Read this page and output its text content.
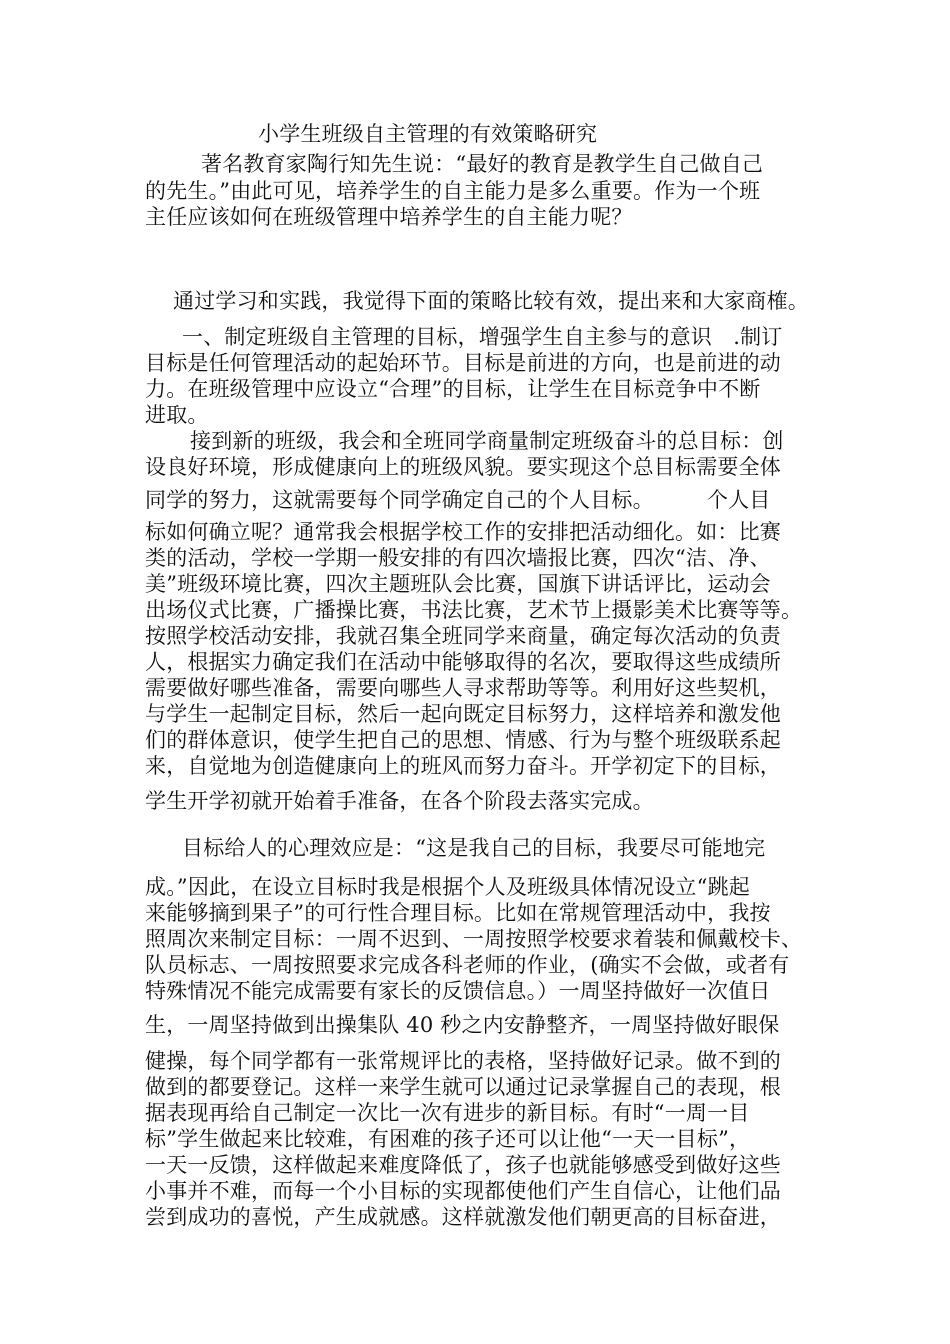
小学生班级自主管理的有效策略研究

著名教育家陶行知先生说：“最好的教育是教学生自己做自己

的先生。”由此可见，培养学生的自主能力是多么重要。作为一个班

主任应该如何在班级管理中培养学生的自主能力呢？

通过学习和实践，我觉得下面的策略比较有效，提出来和大家商榷。

一、制定班级自主管理的目标，增强学生自主参与的意识　.制订

目标是任何管理活动的起始环节。目标是前进的方向，也是前进的动

力。在班级管理中应设立“合理”的目标，让学生在目标竞争中不断

进取。

接到新的班级，我会和全班同学商量制定班级奋斗的总目标：创

设良好环境，形成健康向上的班级风貌。要实现这个总目标需要全体

同学的努力，这就需要每个同学确定自己的个人目标。　　　个人目

标如何确立呢？通常我会根据学校工作的安排把活动细化。如：比赛

类的活动，学校一学期一般安排的有四次墙报比赛，四次“洁、净、

美”班级环境比赛，四次主题班队会比赛，国旗下讲话评比，运动会

出场仪式比赛，广播操比赛，书法比赛，艺术节上摄影美术比赛等等。

按照学校活动安排，我就召集全班同学来商量，确定每次活动的负责

人，根据实力确定我们在活动中能够取得的名次，要取得这些成绩所

需要做好哪些准备，需要向哪些人寻求帮助等等。利用好这些契机，

与学生一起制定目标，然后一起向既定目标努力，这样培养和激发他

们的群体意识，使学生把自己的思想、情感、行为与整个班级联系起

来，自觉地为创造健康向上的班风而努力奋斗。开学初定下的目标，

学生开学初就开始着手准备，在各个阶段去落实完成。

目标给人的心理效应是：“这是我自己的目标，我要尽可能地完

成。”因此，在设立目标时我是根据个人及班级具体情况设立“跳起

来能够摘到果子”的可行性合理目标。比如在常规管理活动中，我按

照周次来制定目标：一周不迟到、一周按照学校要求着装和佩戴校卡、

队员标志、一周按照要求完成各科老师的作业，(确实不会做，或者有

特殊情况不能完成需要有家长的反馈信息。）一周坚持做好一次值日

生，一周坚持做到出操集队 40 秒之内安静整齐，一周坚持做好眼保

健操，每个同学都有一张常规评比的表格，坚持做好记录。做不到的

做到的都要登记。这样一来学生就可以通过记录掌握自己的表现，根

据表现再给自己制定一次比一次有进步的新目标。有时“一周一目

标”学生做起来比较难，有困难的孩子还可以让他“一天一目标”，

一天一反馈，这样做起来难度降低了，孩子也就能够感受到做好这些

小事并不难，而每一个小目标的实现都使他们产生自信心，让他们品

尝到成功的喜悦，产生成就感。这样就激发他们朝更高的目标奋进，
